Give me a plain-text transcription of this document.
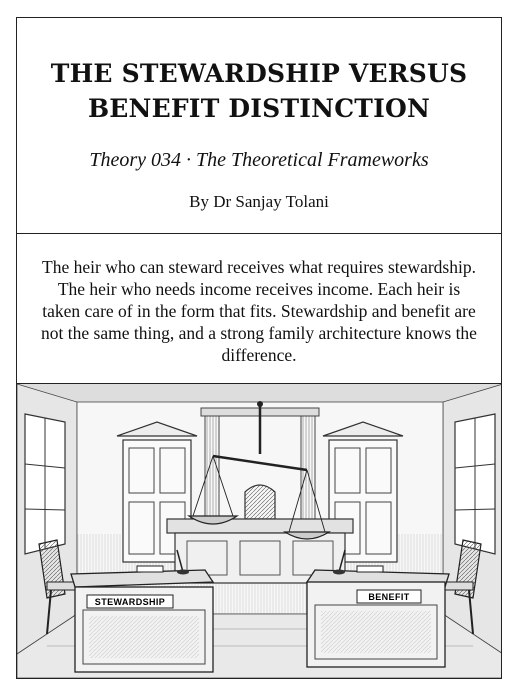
THE STEWARDSHIP VERSUS
BENEFIT DISTINCTION
Theory 034 · The Theoretical Frameworks
By Dr Sanjay Tolani

The heir who can steward receives what requires stewardship. The heir who needs income receives income. Each heir is taken care of in the form that fits. Stewardship and benefit are not the same thing, and a strong family architecture knows the difference.

STEWARDSHIP	BENEFIT
